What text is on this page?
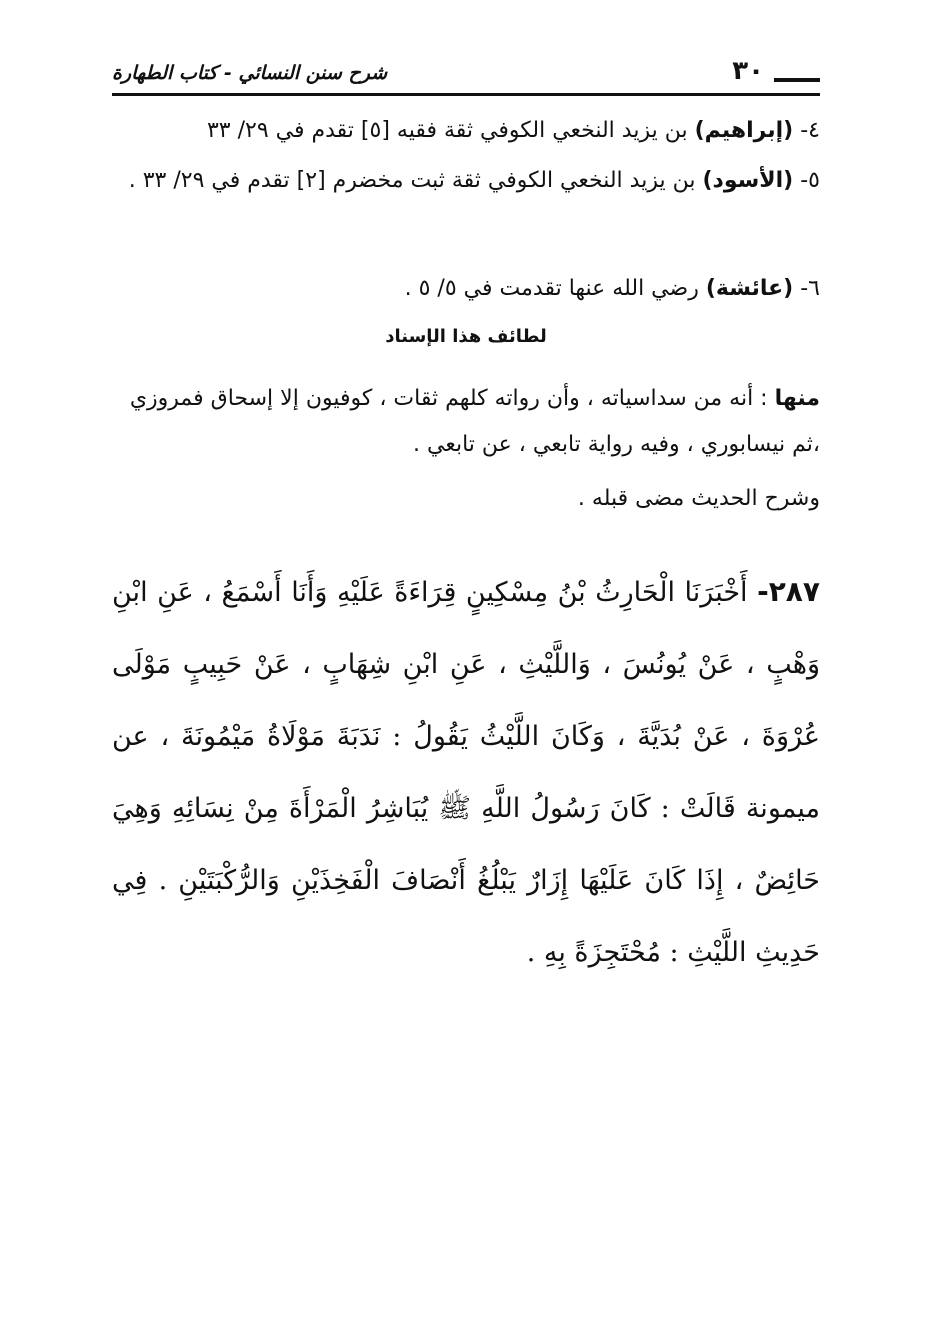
شرح سنن النسائي - كتاب الطهارة	٣٠
٤- (إبراهيم) بن يزيد النخعي الكوفي ثقة فقيه [٥] تقدم في ٢٩/ ٣٣
٥- (الأسود) بن يزيد النخعي الكوفي ثقة ثبت مخضرم [٢] تقدم في ٢٩/ ٣٣ .
٦- (عائشة) رضي الله عنها تقدمت في ٥/ ٥ .
لطائف هذا الإسناد
منها : أنه من سداسياته ، وأن رواته كلهم ثقات ، كوفيون إلا إسحاق فمروزي ،ثم نيسابوري ، وفيه رواية تابعي ، عن تابعي .
وشرح الحديث مضى قبله .
٢٨٧- أَخْبَرَنَا الْحَارِثُ بْنُ مِسْكِينٍ قِرَاءَةً عَلَيْهِ وَأَنَا أَسْمَعُ ، عَنِ ابْنِ وَهْبٍ ، عَنْ يُونُسَ ، وَاللَّيْثِ ، عَنِ ابْنِ شِهَابٍ ، عَنْ حَبِيبٍ مَوْلَى عُرْوَةَ ، عَنْ بُدَيَّةَ ، وَكَانَ اللَّيْثُ يَقُولُ : نَدَبَةَ مَوْلَاةُ مَيْمُونَةَ ، عن ميمونة قَالَتْ : كَانَ رَسُولُ اللَّهِ ﷺ يُبَاشِرُ الْمَرْأَةَ مِنْ نِسَائِهِ وَهِيَ حَائِضٌ ، إِذَا كَانَ عَلَيْهَا إِزَارٌ يَبْلُغُ أَنْصَافَ الْفَخِذَيْنِ وَالرُّكْبَتَيْنِ . فِي حَدِيثِ اللَّيْثِ : مُحْتَجِزَةً بِهِ .
